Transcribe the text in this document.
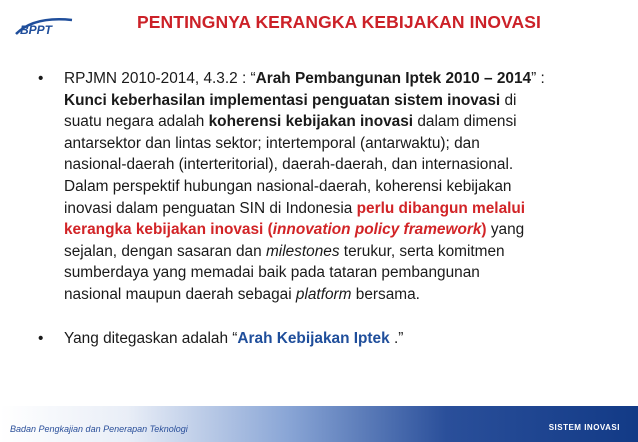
BPPT	PENTINGNYA KERANGKA KEBIJAKAN INOVASI
•	RPJMN 2010-2014, 4.3.2 : “Arah Pembangunan Iptek 2010 – 2014” :
Kunci keberhasilan implementasi penguatan sistem inovasi di
suatu negara adalah koherensi kebijakan inovasi dalam dimensi
antarsektor dan lintas sektor; intertemporal (antarwaktu); dan
nasional-daerah (interteritorial), daerah-daerah, dan internasional.
Dalam perspektif hubungan nasional-daerah, koherensi kebijakan
inovasi dalam penguatan SIN di Indonesia perlu dibangun melalui
kerangka kebijakan inovasi (innovation policy framework) yang
sejalan, dengan sasaran dan milestones terukur, serta komitmen
sumberdaya yang memadai baik pada tataran pembangunan
nasional maupun daerah sebagai platform bersama.
•	Yang ditegaskan adalah “Arah Kebijakan Iptek .”
Badan Pengkajian dan Penerapan Teknologi	SISTEM INOVASI
